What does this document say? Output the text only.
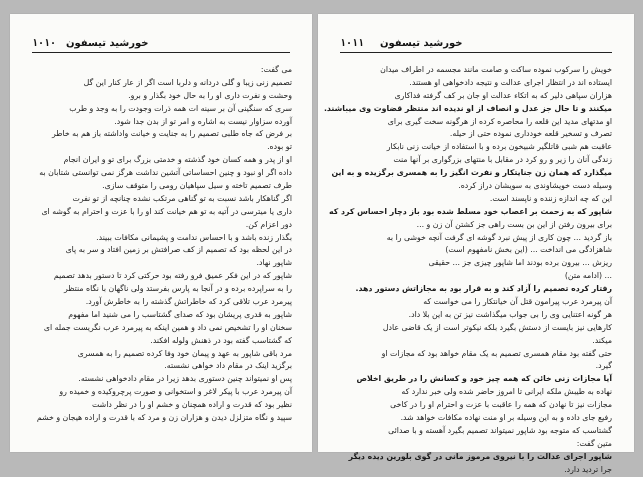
۱۰۱۰ خورشید تیسفون
می گفت:
تصمیم زنی زیبا و گلی دردانه و دلربا است اگر از عار کنار این گل
وحشت و نفرت داری او را به حال خود بگذار و برو.
سری که سنگینی آن بر سینه ات همه ذرات وجودت را به وجد و طرب
آورده سزاوار نیست به اشاره و امر تو از بدن جدا شود.
بر فرض که جاه طلبی تصمیم را به جنایت و خیانت واداشته باز هم به خاطر
تو بوده.
او از پدر و همه کسان خود گذشته و خدمتی بزرگ برای تو و ایران انجام
داده اگر او نبود و چنین احساساتی آتشین نداشت هرگز نمی توانستی شتابان به
طرف تصمیم تاخته و سیل سپاهیان رومی را متوقف سازی.
اگر گناهکار باشد نسبت به تو گناهی مرتکب نشده چنانچه از تو نفرت
داری یا میترسی در آتیه به تو هم خیانت کند او را با عزت و احترام به گوشه ای
دور اعزام کن.
بگذار زنده باشد و با احساس ندامت و پشیمانی مکافات ببیند.
در این لحظه بود که تصمیم از کف صرافتش بر زمین افتاد و سر به پای
شاپور نهاد.
شاپور که در این فکر عمیق فرو رفته بود حرکتی کرد تا دستور بدهد تصمیم
را به سراپرده برده و در آنجا به پارس بفرستد ولی ناگهان با نگاه منتظر
پیرمرد عرب تلاقی کرد که خاطراتش گذشته را به خاطرش آورد.
شاپور به قدری پریشان بود که صدای گشتاسب را می شنید اما مفهوم
سخنان او را تشخیص نمی داد و همین اینکه به پیرمرد عرب نگریست جمله ای
که گشتاسب گفته بود در ذهنش ولوله افکند.
مرد باقی شاپور به عهد و پیمان خود وفا کرده تصمیم را به همسری
برگزید اینک در مقام داد خواهی نشسته.
پس او نمیتواند چنین دستوری بدهد زیرا در مقام دادخواهی نشسته.
آن پیرمرد عرب با پیکر لاغر و استخوانی و صورت پرچروکیده و خمیده رو
نظیر بود که قدرت و اراده همچنان و خشم او را در نظر داشت
سپید و نگاه متزلزل دیدن و هزاران زن و مرد که با قدرت و اراده هیجان و خشم
۱۰۱۱ خورشید تیسفون
خویش را سرکوب نموده ساکت و صامت مانند مجسمه در اطراف میدان
ایستاده اند در انتظار اجرای عدالت و نتیجه دادخواهی او هستند.
هزاران سپاهی دلیر که به اتکاء عدالت او جان بر کف گرفته فداکاری
میکنند و تا حال جز عدل و انصاف از او ندیده اند منتظر قضاوت وی میباشند.
او مدتهای مدید این قلعه را محاصره کرده از هرگونه سخت گیری برای
تصرف و تسخیر قلعه خودداری نموده حتی از حیله.
عاقبت هم شبی قاتلگیر شبیخون برده و با استفاده از خیانت زنی نابکار
زندگی آنان را زیر و رو کرد در مقابل با منتهای بزرگواری بر آنها منت
میگذارد که همان زن جنایتکار و نفرت انگیز را به همسری برگزیده و به این
وسیله دست خویشاوندی به سویشان دراز کرده.
این که چه اندازه زننده و ناپسند است.
شاپور که به زحمت بر اعصاب خود مسلط شده بود باز دچار احساس کرد که
برای بیرون رفتن از این بن بست راهی جز کشتن آن زن و ...
باز گردید ... چون کاری از پیش نبرد گوشه ای گرفت آنچه خوشی را به
شاهزادگی می انداخت ... (این بخش نامفهوم است)
ریزش ... بیرون برده بودند اما شاپور چیزی جز ... حقیقی
... (ادامه متن)
رفتار کرده تصمیم را آزاد کند و به قرار بود به مجازاتش دستور دهد.
آن پیرمرد عرب پیرامون قتل آن خیانتکار را می خواست که
هر گونه اعتنایی وی را بی جواب میگذاشت نیز تن به این بلا داد.
کارهایی نیز بایست از دستش بگیرد بلکه نیکوتر است از یک قاضی عادل
میکند.
حتی گفته بود مقام همسری تصمیم به یک مقام خواهد بود که مجازات او
گیرد.
آیا مجازات زنی خائن که همه چیز خود و کسانش را در طریق اخلاص
نهاده به طیبش ملکه ایرانی تا امروز حاضر شده ولی خبر ندارد که
مجازات نیز تا نهادن که همه را عاقبت با عزت و احترام او را در کاخی
رفیع جای داده و به این وسیله بر او منت نهاده مکافات خواهد شد.
گشتاسب که متوجه بود شاپور نمیتواند تصمیم بگیرد آهسته و با صدائی
متین گفت:
شاپور اجرای عدالت را با نیروی مرموز مانی در گوی بلورین دیده دیگر
جرا تردید دارد.
